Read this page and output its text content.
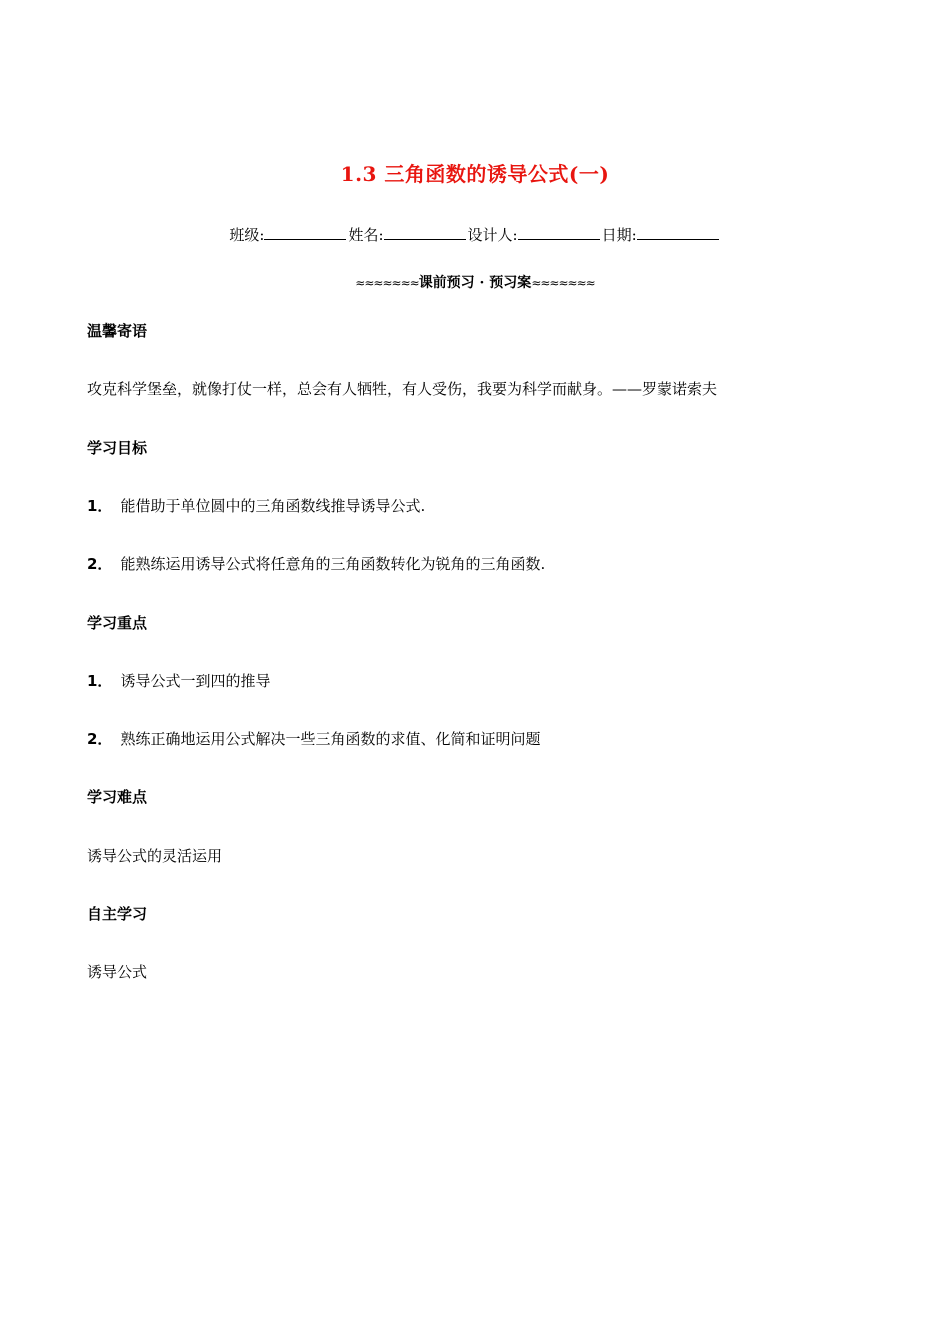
1.3 三角函数的诱导公式(一)
班级:	姓名:	设计人:	日期:
≈≈≈≈≈≈≈课前预习 · 预习案≈≈≈≈≈≈≈
温馨寄语
攻克科学堡垒，就像打仗一样，总会有人牺牲，有人受伤，我要为科学而献身。——罗蒙诺索夫
学习目标
1． 能借助于单位圆中的三角函数线推导诱导公式.
2． 能熟练运用诱导公式将任意角的三角函数转化为锐角的三角函数.
学习重点
1． 诱导公式一到四的推导
2． 熟练正确地运用公式解决一些三角函数的求值、化简和证明问题
学习难点
诱导公式的灵活运用
自主学习
诱导公式
